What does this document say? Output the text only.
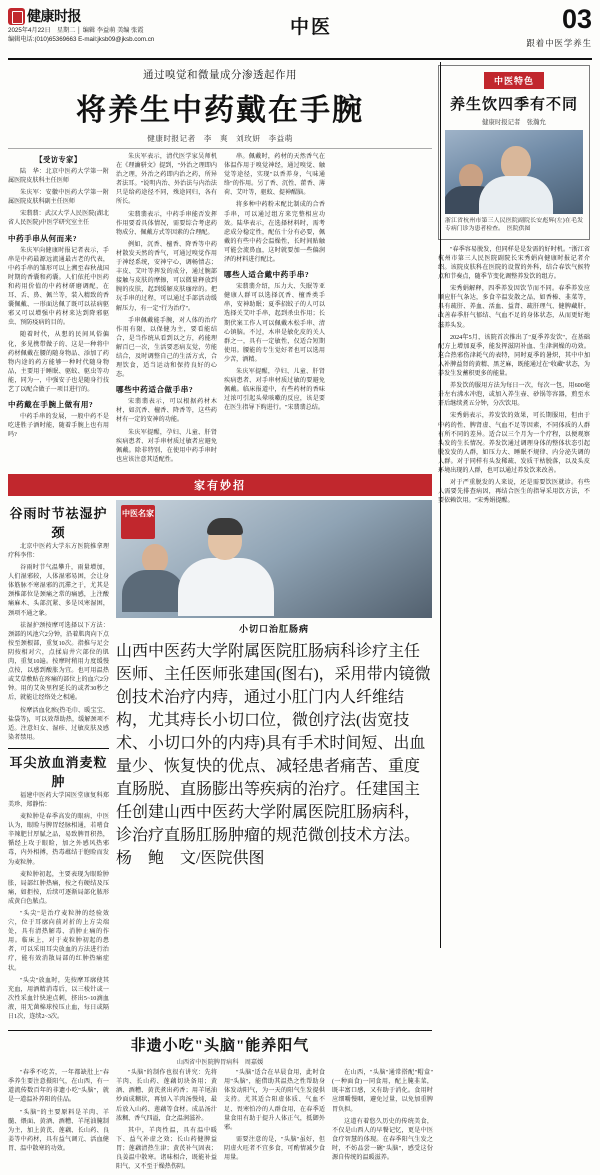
健康时报
2025年4月22日　星期二 │ 编辑 李益萌 美编 张霞
编辑电话:(010)65369663 E-mail:jksb09@jksb.com.cn
中医	03
跟着中医学养生
通过嗅觉和微量成分渗透起作用
将养生中药戴在手腕
健康时报记者　李　爽　刘玫妍　李益萌
【受访专家】
陆　华：北京中医药大学第一附属医院皮肤科主任医师
朱庆军：安徽中医药大学第一附属医院皮肤科副主任医师
宋翡翡：武汉大学人民医院(湖北省人民医院)中医学研究室主任
中药手串从何而来?
朱庆军向健康时报记者表示，手串是中药最源远流通最古老的代表，中药手串的雏形可以上溯至春秋战国时期的香囊和药囊。人们依托中医药和药用价值的中药材研磨调配，在耳、舌、鼻、佩兰等，装入精致的香囊佩戴、一形面达佩了既可以祛病驱邪又可以增强中药材来达到降邪驱虫、预防疫病的目的。
随着时代，从想的民间风俗偏化，多见携带做子的、这是一种将中药材佩戴在腰的随身物品、添加了药物内途的药方能够一种时代随身物品，主要用于睡眠、驱蚊、驱虫等功能，同为一，中强安子也是随身行技艺了以配合做子一项目进行的。
中药戴在手腕上做有用?
中药手串的发展，一般中药不是吃进胜子酒时能，随着手腕上也有用吗?
朱庆军表示，清代医学家吴师机在《理瀹骈文》提到，"外治之理即内治之理，外治之药即内治之药，所异者法耳。"说明内治、外治法与内治法只是给药途径不同，殊途同归，各有所长。
宋翡翡表示，中药手串能否发挥作用要看具体情况，需要综合考虑药物成分、佩戴方式等因素的合理配。
例如，沉香、檀香、降香等中药材散发天然的香气，可通过嗅觉作用于神经系统，安神宁心，调畅情志；丰皮、艾叶等挥发的成分，通过腕部接触与皮肤的摩擦，可以微量释放到腕的皮肤，起到缓解皮肤瘙痒的。把玩手串的过程，可以通过手部活动缓解压力，有一定"行为治疗"。
手串佩戴能手腕，对人体的治疗作用有限，以保健为主，要看能结合，是当作统从看到以之方，药能理解百已一次，生活要恶病友觉，劳能结合，及时调整自己的生活方式，合理饮食，适当运动和保持良好的心态。
哪些中药适合做手串?
宋翡翡表示，可以根据药材木材，如沉香、檀香、降香等，这些药材有一定的安神的功能。
朱庆军提醒，孕妇、儿童、肝肾疾病患者、对手串材质过敏者应避免佩戴。除非特别，在使用中药手串时也应该注意其适配性。
串。佩戴时，药材的天然香气在体温作用于嗅觉神经，通过嗅觉、触觉等途径，实现"以香养身，气味通络"的作用。另了香、沉性、藿香、薄荷、艾叶等，驱蚊、提神醒脑。
将多种中药粉末配比制成的合香手串，可以通过组方来完整相应功效。陆华表示，在选择材料时，需考虑成分稳定性，配伍十分有必要，佩戴的有些中药会温燥性，长时间贴触可能会流鼻血，这时就要加一些偏润泽的材料进行配比。
哪些人适合戴中药手串?
宋翡翡介绍，压力大、失眠等亚健康人群可以选择沉香、檀香类手串，安神助眠；夏季招蚊子的人可以选择关艾叶手串，起到杀虫作用；长期伏案工作人可以佩戴木松手串、清心镇脑。不过，木串是敏化皮的关人群之一，具有一定敏性，仅适合短期使用。腰能的专生觉好者也可以选用少苦，酒精。
朱庆军提醒，孕妇、儿童、肝肾疾病患者、对手串材质过敏的要避免佩戴。临床报道中，有些药材的香味过浓可引起头晕咳嗽的反应，该是要在医生指导下购进行。"宋翡翡总结。
家有妙招
谷雨时节祛湿护颈
北京中医药大学东方医院推拿理疗科李伟：
谷雨时节气温攀升，雨量增加，人们湿邪较，人体湿邪易困，会让身体筋脉不寒湿邪的沉滞之于，尤其是颈椎部位是颈痛之常的痛感，上注酸痛麻木、头部沉紧、多是风寒湿困，颈项不通之象。
祛湿护颈按摩可选择以下方法：颈部的风池穴2分钟，沿着肌肉向下点按至颈根部，重复10次。指推与足会阴按相对穴，点揉肩井穴部位的肌肉，重复10遍。按摩时稍用力度缓慢点按，以感到酸胀为宜。也可用温热或艾草敷贴在疼痛的部位上的血穴2分钟。用的艾灸里程延长的或者30秒之后，就能让经络处之相通。
按摩活血化瘀(热毛巾、暖宝宝、盐袋等)，可以效帮助热，缓解颈项不适。注意妇女、湿疹、过敏皮肤及感染者禁用。
耳尖放血消麦粒肿
福建中医药大学国医堂康复科郑美珍、郑静怡：
麦粒肿是春季高发的眼病，中医认为，眼睑与脾胃经脉相通，若嗜食辛辣肥甘厚腻之品，易致脾胃积热，循经上攻于眼睑，加之外感风热邪毒，内外相搏，热毒蕴结于胞睑而发为麦粒肿。
麦粒肿初起，主要表现为眼睑肿胀，局部红肿热痛，按之有硬结及压痛，如拒按，后续可逐渐局部化脓形成黄白色脓点。
"头尖"是治疗麦粒肿的经验效穴，位于耳廓向前对折的上方尖端处，具有清热解毒、消肿止痛的作用。临床上，对于麦粒肿初起的患者，可以采用耳尖放血的方法进行治疗，能有效消散局部的红肿热痛症状。
"头尖"放血时，先按摩耳廓使其充血，用酒精消毒后，以三棱针或一次性采血针快速点刺，挤出5~10滴血液，用无菌棉球按压止血，每日或隔日1次，连续2~3次。
中医名家
小切口治肛肠病
山西中医药大学附属医院肛肠病科诊疗主任医师、主任医师张建国(图右)，采用带内镜微创技术治疗内痔，通过小肛门内人纤维结构，尤其痔长小切口位，微创疗法(齿宽技术、小切口外的内痔)具有手术时间短、出血量少、恢复快的优点、减轻患者痛苦、重度直肠脱、直肠膨出等疾病的治疗。任建国主任创建山西中医药大学附属医院肛肠病科，诊治疗直肠肛肠肿瘤的规范微创技术方法。　　　　　　　　杨　鲍　文/医院供图
非遗小吃"头脑"能养阳气
山西省中医院脾胃病科　周嘉媛
"春季不吃苦，一年都缺肚上"春季养生要注意摄阳气，在山西，有一道流传数百年的非遗小吃"头脑"，就是一道温补养阳的佳品。
"头脑"的主要原料是羊肉、羊髓、煨面、黄酒、酒糟、羊尾油腌制为主，加上黄芪、莲藕、长山药、良姜等中药材，具有益气调元、活血健胃、温中散寒的功效。
"头脑"的制作也很有讲究：先将羊肉、长山药、莲藕切块备用；黄酒、酒糟、黄芪煮出药香；用羊尾油炒面成糊状，再加入羊肉汤慢炖，最后放入山药、莲藕等食材。成品汤汁浓稠、香气四溢，食之温润滋补。
其中，羊肉性温，具有温中暖下、益气补虚之效；长山药健脾益胃；莲藕清热生津；黄芪补气固表；良姜温中散寒。诸味相合，既能补益阳气，又不至于燥热伤阴。
"头脑"适合在早晨食用，此时食用"头脑"，能借助其温热之性帮助身体发动阳气，为一天的阳气生发提供支持。尤其适合阳虚体质、气血不足、畏寒怕冷的人群食用，在春季适量食用有助于提升人体正气，抵御外邪。
需要注意的是，"头脑"虽好，但阴虚火旺者不宜多食，可酌情减少食用量。
在山西，"头脑"通常搭配"帽盒"(一种面食)一同食用，配上腌韭菜，既丰富口感，又有助于消化。食用时应细嚼慢咽，避免过量，以免加重脾胃负担。
这道有着悠久历史的传统美食，不仅是山西人的早餐记忆，更是中医食疗智慧的体现。在春季阳气生发之时，不妨品尝一碗"头脑"，感受这份源自传统的温暖滋养。
中医特色
养生饮四季有不同
健康时报记者　张瀚允
浙江省杭州市第三人民医院副院长安彪辉(左)在毛发专病门诊为患者检查。　医院供图

"春季容易脱发，但同样是是发需的好时机。"浙江省杭州市第三人民医院副院长宋秀娟向健康时报记者介绍。该院皮肤科在医院的设置的外科，结合春饮气候特点和节奏点，随季节变化调整养发饮的组方。

宋秀娟解释，四季养发因饮节而不同。春季养发应顺应肝气条达，多食辛温发散之品，如香椿、韭菜等，具有疏肝、养血、活血、益肾、疏肝理气、健脾藏肝，改善春季肝气郁结、气血不足的身体状态，从而更好地滋养头发。

2024年5月，该院首次推出了"夏季养发饮"，在基础配方上增加夏季，能发挥滋阴补血、生津润燥的功效。这合热邪伤津耗气的表特，同时夏季的暑炽，其中中加入补脾益肾的黄精、黑芝麻，既能通过在"收藏"状态，为养发生发蓄积更多的能量。

养发饮的服用方法为每日一次，每次一包，用600毫升左右沸水冲泡，或加入养生壶、砂锅等容器，煎至水开后继续煮五分钟，分次饮用。

宋秀娟表示，养发饮的效果，可长期服用，但由于中药的性、脾肾虚、气血不足等因素，不同体质的人群有所不同的差异。适合以三个月为一个疗程，以便观察头发的生长情况。养发饮通过调理身体的整体状态引起脱发发的人群，如压力大、睡眠不规律、内分泌失调的人群。对于同样有头发稀疏、发质干枯脱落，以及头皮环境出现的人群，也可以通过养发饮来改善。

对于严重脱发的人来说，还是需要饮医就诊。有些人需要先排查病因，再结合医生的指导采用饮方法，不要依赖饮用。"宋秀娟提醒。
